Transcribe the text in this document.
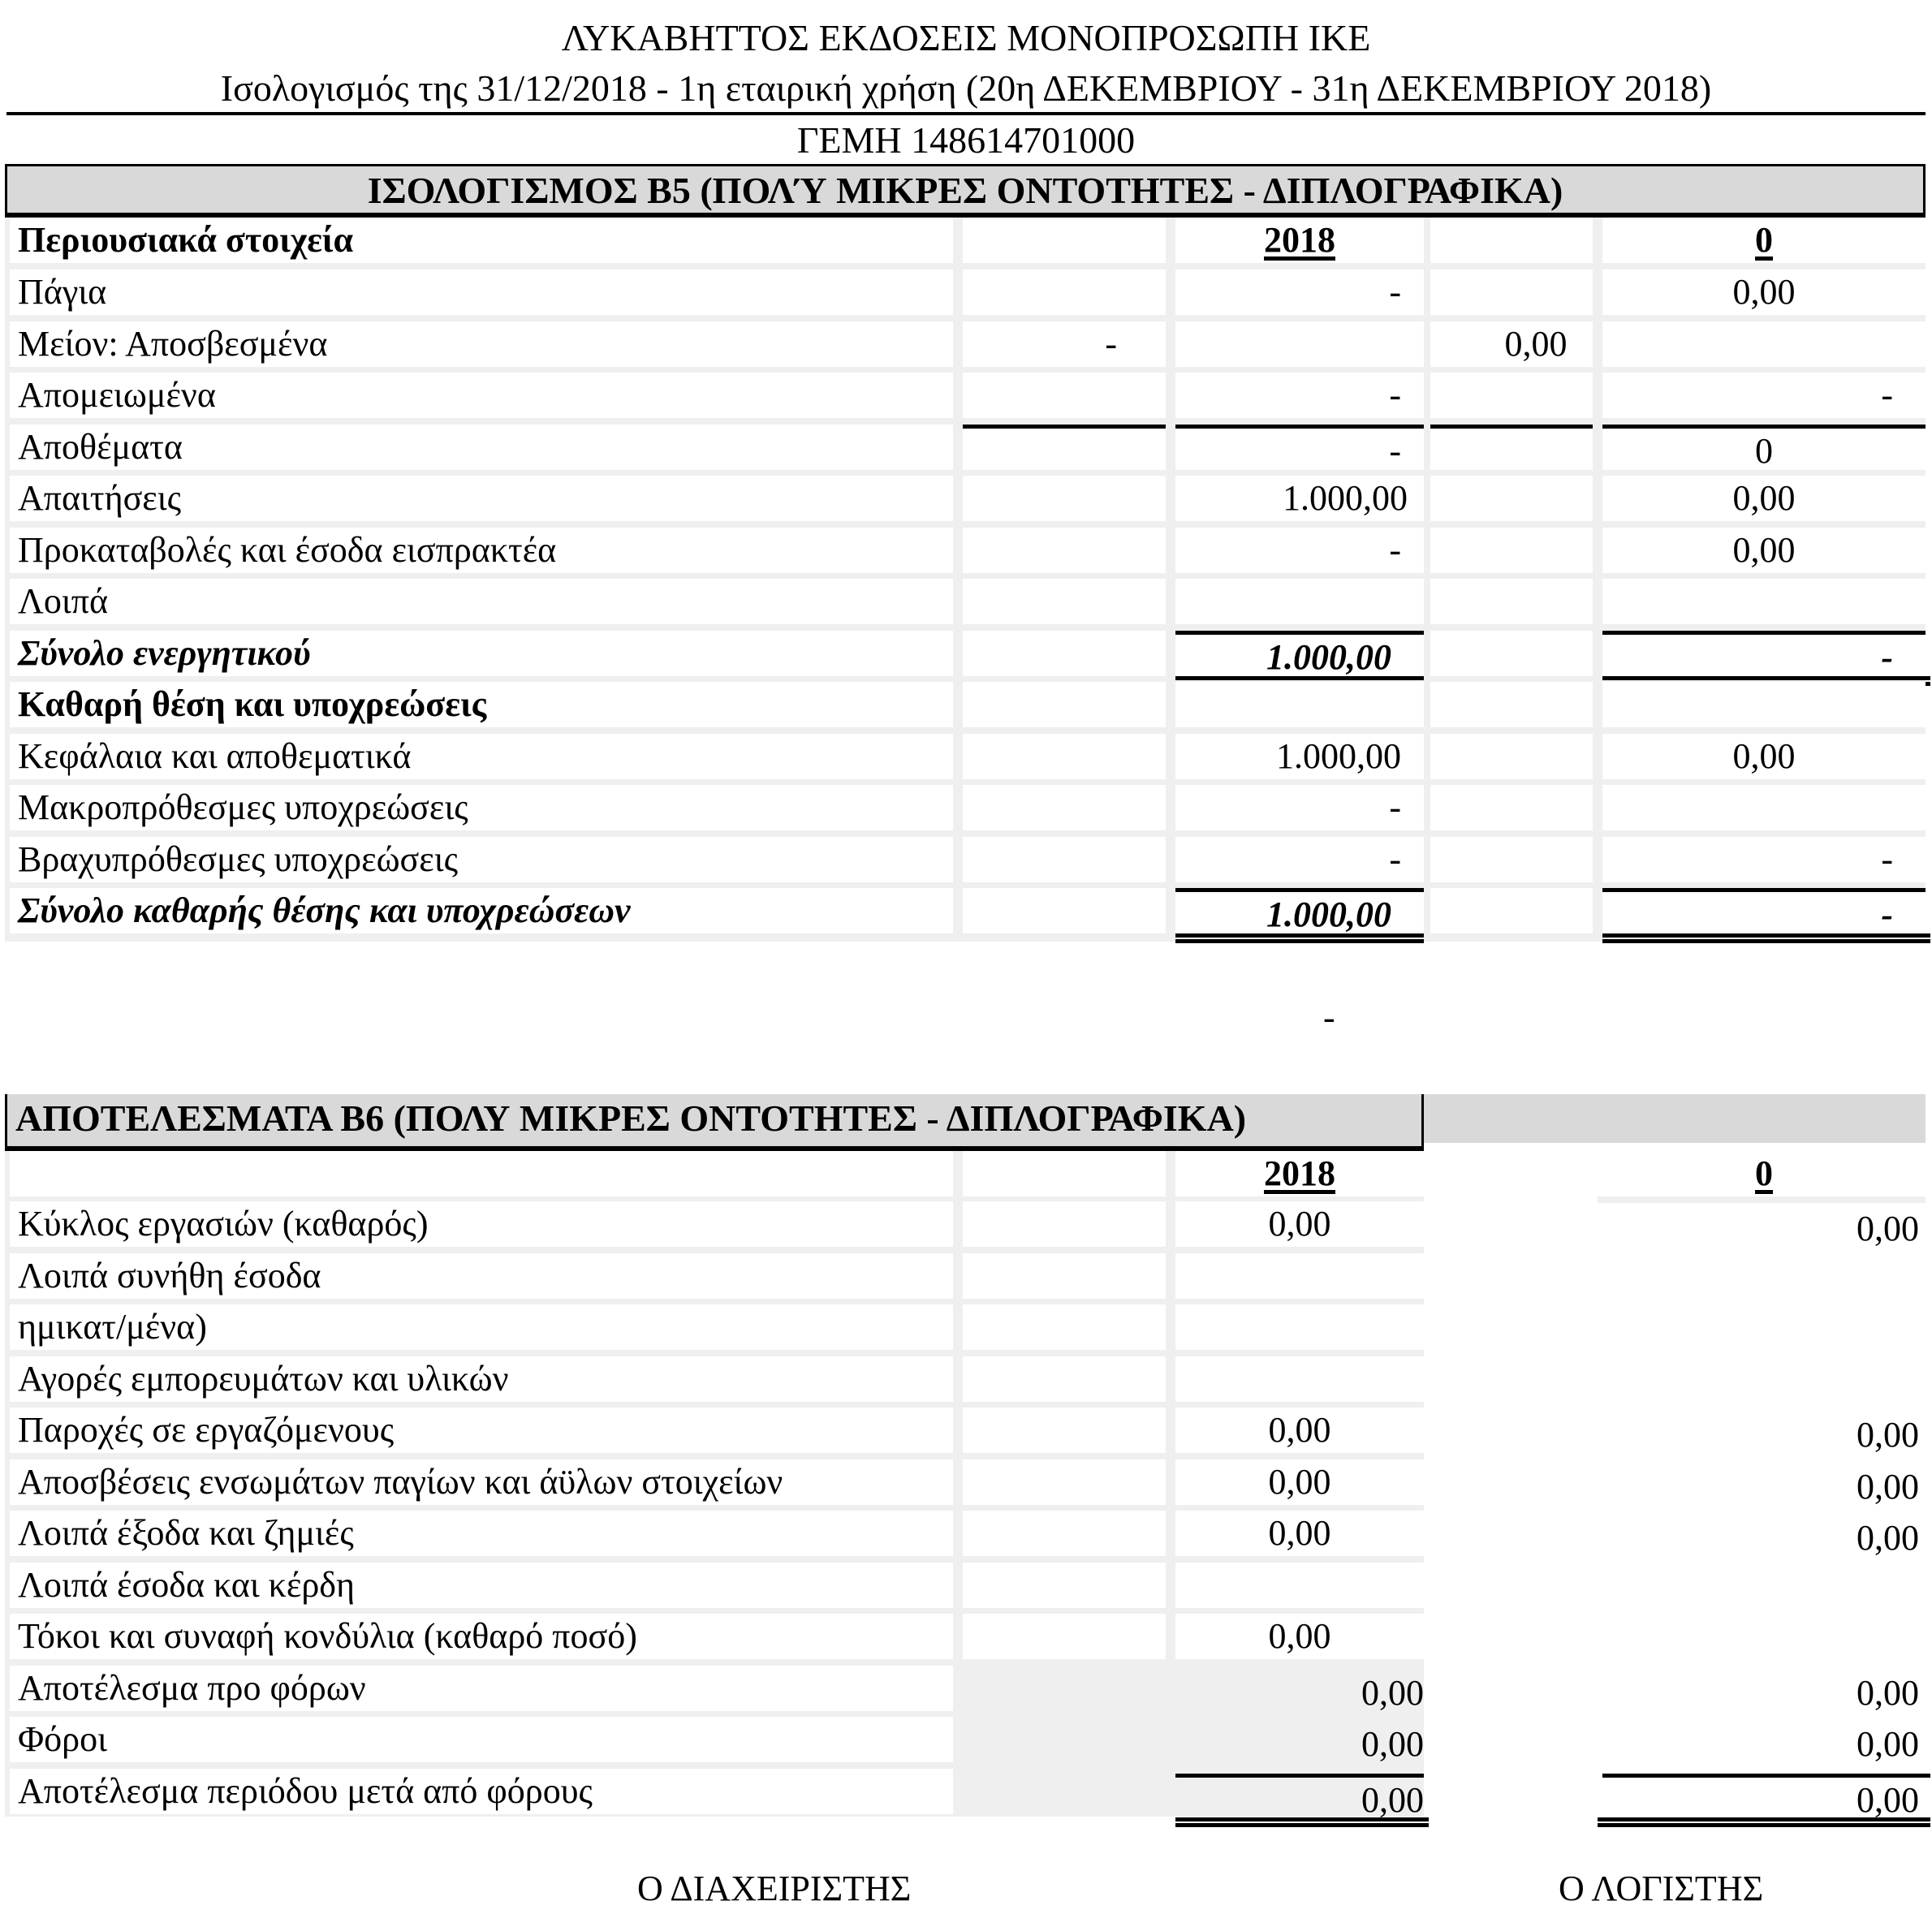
ΛΥΚΑΒΗΤΤΟΣ ΕΚΔΟΣΕΙΣ ΜΟΝΟΠΡΟΣΩΠΗ ΙΚΕ
Ισολογισμός της 31/12/2018 - 1η εταιρική χρήση (20η ΔΕΚΕΜΒΡΙΟΥ - 31η ΔΕΚΕΜΒΡΙΟΥ 2018)
ΓΕΜΗ 148614701000
ΙΣΟΛΟΓΙΣΜΟΣ Β5 (ΠΟΛΎ ΜΙΚΡΕΣ ΟΝΤΟΤΗΤΕΣ - ΔΙΠΛΟΓΡΑΦΙΚΑ)
Περιουσιακά στοιχεία	2018	0
Πάγια	-	0,00
Μείον: Αποσβεσμένα	-	0,00
Απομειωμένα	-	-
Αποθέματα	-	0
Απαιτήσεις	1.000,00	0,00
Προκαταβολές και έσοδα εισπρακτέα	-	0,00
Λοιπά
Σύνολο ενεργητικού	1.000,00	-
Καθαρή θέση και υποχρεώσεις
Κεφάλαια και αποθεματικά	1.000,00	0,00
Μακροπρόθεσμες υποχρεώσεις	-
Βραχυπρόθεσμες υποχρεώσεις	-	-
Σύνολο καθαρής θέσης και υποχρεώσεων	1.000,00	-
-
ΑΠΟΤΕΛΕΣΜΑΤΑ Β6 (ΠΟΛΥ ΜΙΚΡΕΣ ΟΝΤΟΤΗΤΕΣ - ΔΙΠΛΟΓΡΑΦΙΚΑ)
2018	0
Κύκλος εργασιών (καθαρός)	0,00	0,00
Λοιπά συνήθη έσοδα
ημικατ/μένα)
Αγορές εμπορευμάτων και υλικών
Παροχές σε εργαζόμενους	0,00	0,00
Αποσβέσεις ενσωμάτων παγίων και άϋλων στοιχείων	0,00	0,00
Λοιπά έξοδα και ζημιές	0,00	0,00
Λοιπά έσοδα και κέρδη
Τόκοι και συναφή κονδύλια (καθαρό ποσό)	0,00
Αποτέλεσμα προ φόρων	0,00	0,00
Φόροι	0,00	0,00
Αποτέλεσμα περιόδου μετά από φόρους	0,00	0,00
Ο ΔΙΑΧΕΙΡΙΣΤΗΣ	Ο ΛΟΓΙΣΤΗΣ
